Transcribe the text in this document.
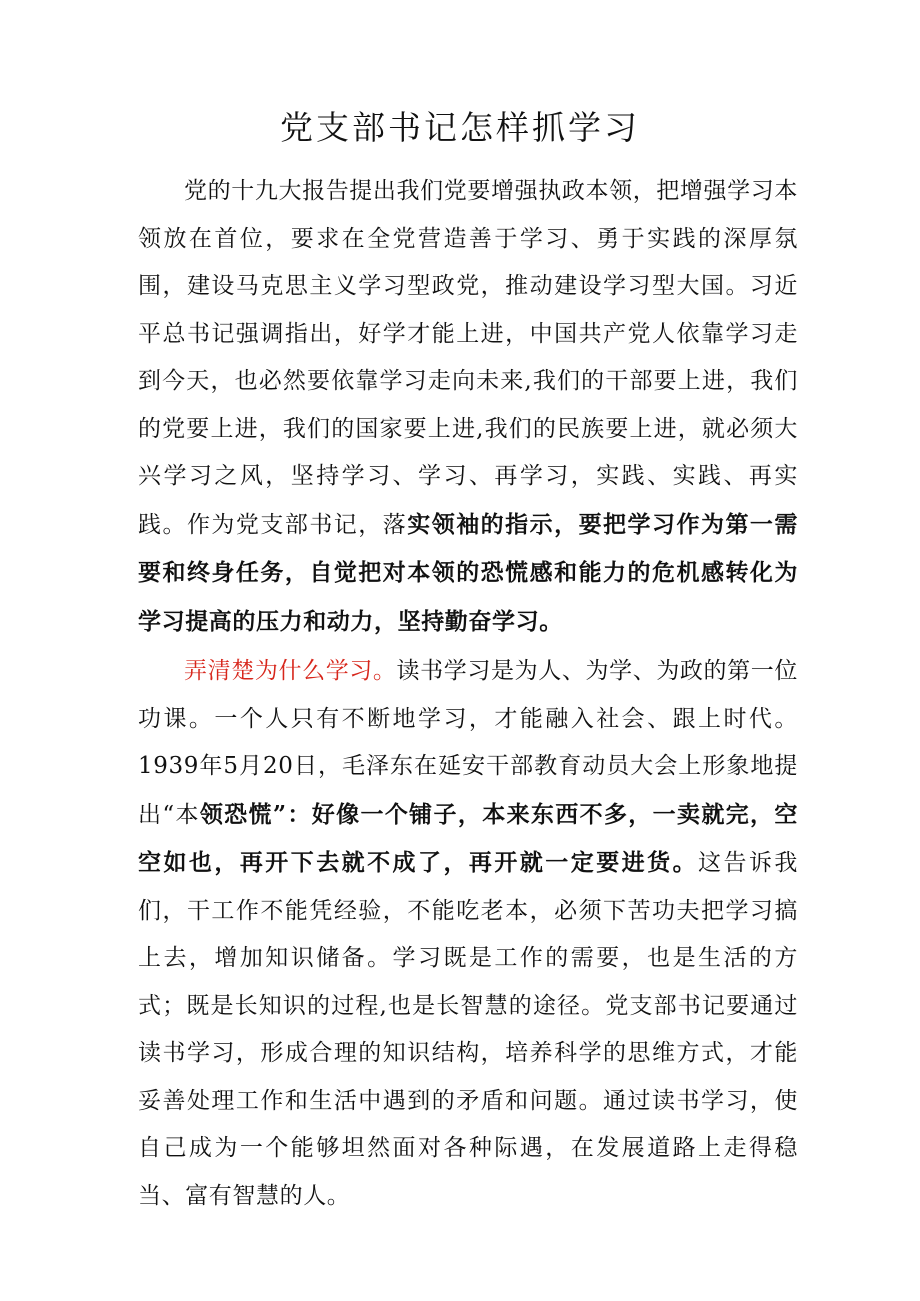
党支部书记怎样抓学习

党的十九大报告提出我们党要增强执政本领，把增强学习本领放在首位，要求在全党营造善于学习、勇于实践的深厚氛围，建设马克思主义学习型政党，推动建设学习型大国。习近平总书记强调指出，好学才能上进，中国共产党人依靠学习走到今天，也必然要依靠学习走向未来,我们的干部要上进，我们的党要上进，我们的国家要上进,我们的民族要上进，就必须大兴学习之风，坚持学习、学习、再学习，实践、实践、再实践。作为党支部书记，落实领袖的指示，要把学习作为第一需要和终身任务，自觉把对本领的恐慌感和能力的危机感转化为学习提高的压力和动力，坚持勤奋学习。

弄清楚为什么学习。读书学习是为人、为学、为政的第一位功课。一个人只有不断地学习，才能融入社会、跟上时代。1939年5月20日，毛泽东在延安干部教育动员大会上形象地提出“本领恐慌”：好像一个铺子，本来东西不多，一卖就完，空空如也，再开下去就不成了，再开就一定要进货。这告诉我们，干工作不能凭经验，不能吃老本，必须下苦功夫把学习搞上去，增加知识储备。学习既是工作的需要，也是生活的方式；既是长知识的过程,也是长智慧的途径。党支部书记要通过读书学习，形成合理的知识结构，培养科学的思维方式，才能妥善处理工作和生活中遇到的矛盾和问题。通过读书学习，使自己成为一个能够坦然面对各种际遇，在发展道路上走得稳当、富有智慧的人。
